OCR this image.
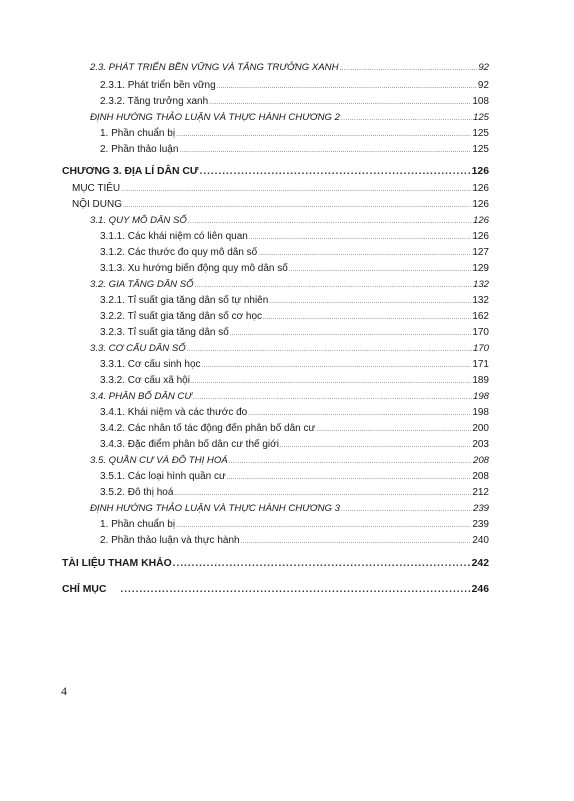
2.3. PHÁT TRIỂN BỀN VỮNG VÀ TĂNG TRƯỞNG XANH .....	92
2.3.1. Phát triển bền vững .....	92
2.3.2. Tăng trưởng xanh .....	108
ĐỊNH HƯỚNG THẢO LUẬN VÀ THỰC HÀNH CHƯƠNG 2 .....	125
1. Phần chuẩn bị .....	125
2. Phần thảo luận .....	125
CHƯƠNG 3. ĐỊA LÍ DÂN CƯ .....	126
MỤC TIÊU .....	126
NỘI DUNG .....	126
3.1. QUY MÔ DÂN SỐ .....	126
3.1.1. Các khái niệm có liên quan .....	126
3.1.2. Các thước đo quy mô dân số .....	127
3.1.3. Xu hướng biến động quy mô dân số .....	129
3.2. GIA TĂNG DÂN SỐ .....	132
3.2.1. Tỉ suất gia tăng dân số tự nhiên .....	132
3.2.2. Tỉ suất gia tăng dân số cơ học .....	162
3.2.3. Tỉ suất gia tăng dân số .....	170
3.3. CƠ CẤU DÂN SỐ .....	170
3.3.1. Cơ cấu sinh học .....	171
3.3.2. Cơ cấu xã hội .....	189
3.4. PHÂN BỐ DÂN CƯ .....	198
3.4.1. Khái niệm và các thước đo .....	198
3.4.2. Các nhân tố tác động đến phân bố dân cư .....	200
3.4.3. Đặc điểm phân bố dân cư thế giới .....	203
3.5. QUẦN CƯ VÀ ĐÔ THỊ HOÁ .....	208
3.5.1. Các loại hình quần cư .....	208
3.5.2. Đô thị hoá .....	212
ĐỊNH HƯỚNG THẢO LUẬN VÀ THỰC HÀNH CHƯƠNG 3 .....	239
1. Phần chuẩn bị .....	239
2. Phần thảo luận và thực hành .....	240
TÀI LIỆU THAM KHẢO .....	242
CHỈ MỤC .....	246
4
